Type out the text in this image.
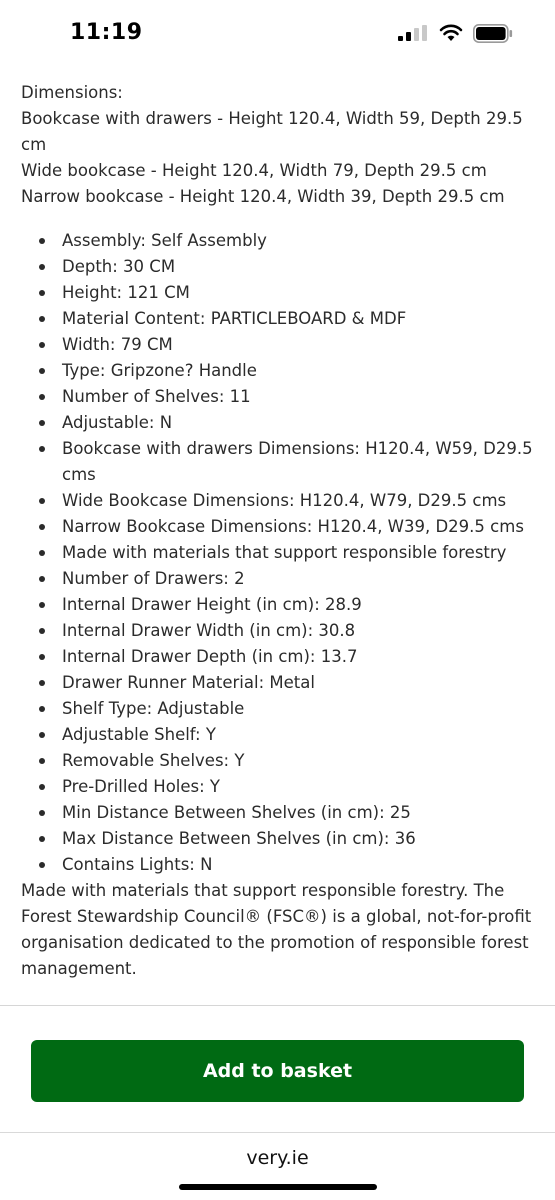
11:19

Dimensions:

Bookcase with drawers - Height 120.4, Width 59, Depth 29.5 cm

Wide bookcase - Height 120.4, Width 79, Depth 29.5 cm

Narrow bookcase - Height 120.4, Width 39, Depth 29.5 cm

Assembly: Self Assembly
Depth: 30 CM
Height: 121 CM
Material Content: PARTICLEBOARD & MDF
Width: 79 CM
Type: Gripzone? Handle
Number of Shelves: 11
Adjustable: N
Bookcase with drawers Dimensions: H120.4, W59, D29.5 cms
Wide Bookcase Dimensions: H120.4, W79, D29.5 cms
Narrow Bookcase Dimensions: H120.4, W39, D29.5 cms
Made with materials that support responsible forestry
Number of Drawers: 2
Internal Drawer Height (in cm): 28.9
Internal Drawer Width (in cm): 30.8
Internal Drawer Depth (in cm): 13.7
Drawer Runner Material: Metal
Shelf Type: Adjustable
Adjustable Shelf: Y
Removable Shelves: Y
Pre-Drilled Holes: Y
Min Distance Between Shelves (in cm): 25
Max Distance Between Shelves (in cm): 36
Contains Lights: N

Made with materials that support responsible forestry. The Forest Stewardship Council® (FSC®) is a global, not-for-profit organisation dedicated to the promotion of responsible forest management.

Add to basket
very.ie
